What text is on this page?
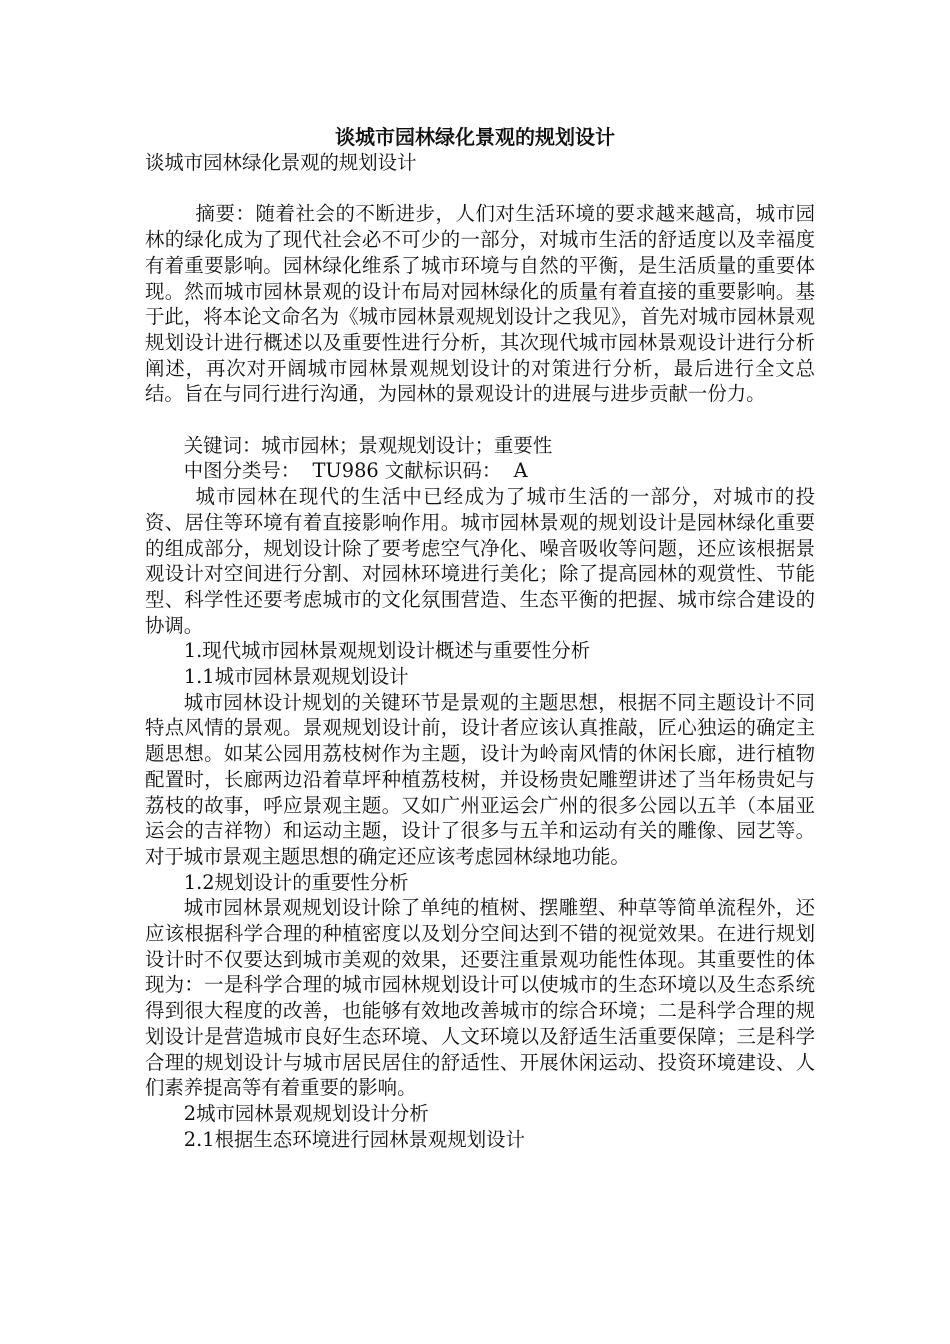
谈城市园林绿化景观的规划设计

谈城市园林绿化景观的规划设计

摘要：随着社会的不断进步，人们对生活环境的要求越来越高，城市园林的绿化成为了现代社会必不可少的一部分，对城市生活的舒适度以及幸福度有着重要影响。园林绿化维系了城市环境与自然的平衡，是生活质量的重要体现。然而城市园林景观的设计布局对园林绿化的质量有着直接的重要影响。基于此，将本论文命名为《城市园林景观规划设计之我见》，首先对城市园林景观规划设计进行概述以及重要性进行分析，其次现代城市园林景观设计进行分析阐述，再次对开阔城市园林景观规划设计的对策进行分析，最后进行全文总结。旨在与同行进行沟通，为园林的景观设计的进展与进步贡献一份力。

关键词：城市园林；景观规划设计；重要性

中图分类号：  TU986 文献标识码：  A

城市园林在现代的生活中已经成为了城市生活的一部分，对城市的投资、居住等环境有着直接影响作用。城市园林景观的规划设计是园林绿化重要的组成部分，规划设计除了要考虑空气净化、噪音吸收等问题，还应该根据景观设计对空间进行分割、对园林环境进行美化；除了提高园林的观赏性、节能型、科学性还要考虑城市的文化氛围营造、生态平衡的把握、城市综合建设的协调。

1.现代城市园林景观规划设计概述与重要性分析

1.1城市园林景观规划设计

城市园林设计规划的关键环节是景观的主题思想，根据不同主题设计不同特点风情的景观。景观规划设计前，设计者应该认真推敲，匠心独运的确定主题思想。如某公园用荔枝树作为主题，设计为岭南风情的休闲长廊，进行植物配置时，长廊两边沿着草坪种植荔枝树，并设杨贵妃雕塑讲述了当年杨贵妃与荔枝的故事，呼应景观主题。又如广州亚运会广州的很多公园以五羊（本届亚运会的吉祥物）和运动主题，设计了很多与五羊和运动有关的雕像、园艺等。对于城市景观主题思想的确定还应该考虑园林绿地功能。

1.2规划设计的重要性分析

城市园林景观规划设计除了单纯的植树、摆雕塑、种草等简单流程外，还应该根据科学合理的种植密度以及划分空间达到不错的视觉效果。在进行规划设计时不仅要达到城市美观的效果，还要注重景观功能性体现。其重要性的体现为：一是科学合理的城市园林规划设计可以使城市的生态环境以及生态系统得到很大程度的改善，也能够有效地改善城市的综合环境；二是科学合理的规划设计是营造城市良好生态环境、人文环境以及舒适生活重要保障；三是科学合理的规划设计与城市居民居住的舒适性、开展休闲运动、投资环境建设、人们素养提高等有着重要的影响。

2城市园林景观规划设计分析

2.1根据生态环境进行园林景观规划设计
